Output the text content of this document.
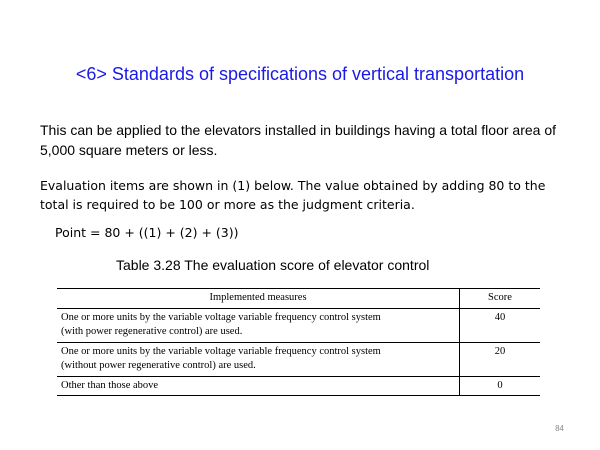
<6> Standards of specifications of vertical transportation
This can be applied to the elevators installed in buildings having a total floor area of 5,000 square meters or less.
Evaluation items are shown in (1) below. The value obtained by adding 80 to the total is required to be 100 or more as the judgment criteria.
Point = 80 + ((1) + (2) + (3))
Table 3.28 The evaluation score of elevator control
Implemented measures	Score

One or more units by the variable voltage variable frequency control system
(with power regenerative control) are used.	40

One or more units by the variable voltage variable frequency control system
(without power regenerative control) are used.	20

Other than those above	0
84
